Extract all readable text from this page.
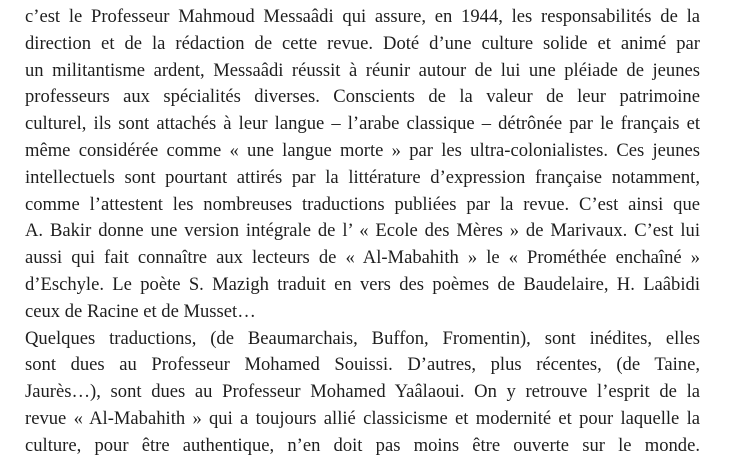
c’est le Professeur Mahmoud Messaâdi qui assure, en 1944, les responsabilités de la
direction et de la rédaction de cette revue. Doté d’une culture solide et animé par
un militantisme ardent, Messaâdi réussit à réunir autour de lui une pléiade de jeunes
professeurs aux spécialités diverses. Conscients de la valeur de leur patrimoine
culturel, ils sont attachés à leur langue – l’arabe classique – détrônée par le français et
même considérée comme « une langue morte » par les ultra-colonialistes. Ces jeunes
intellectuels sont pourtant attirés par la littérature d’expression française notamment,
comme l’attestent les nombreuses traductions publiées par la revue. C’est ainsi que
A. Bakir donne une version intégrale de l’ « Ecole des Mères » de Marivaux. C’est lui
aussi qui fait connaître aux lecteurs de « Al-Mabahith » le « Prométhée enchaîné »
d’Eschyle. Le poète S. Mazigh traduit en vers des poèmes de Baudelaire, H. Laâbidi
ceux de Racine et de Musset…
Quelques traductions, (de Beaumarchais, Buffon, Fromentin), sont inédites, elles
sont dues au Professeur Mohamed Souissi. D’autres, plus récentes, (de Taine,
Jaurès…), sont dues au Professeur Mohamed Yaâlaoui. On y retrouve l’esprit de la
revue « Al-Mabahith » qui a toujours allié classicisme et modernité et pour laquelle la
culture, pour être authentique, n’en doit pas moins être ouverte sur le monde.
